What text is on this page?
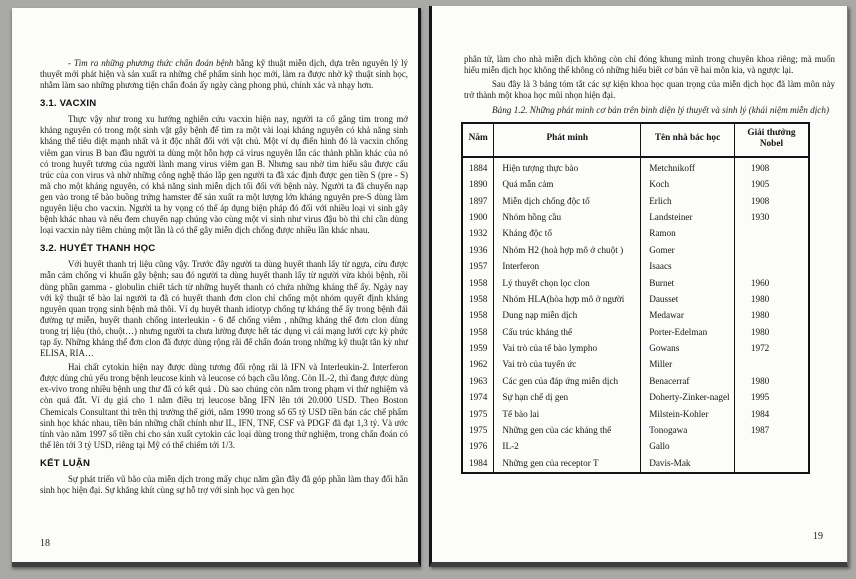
- Tìm ra những phương thức chẩn đoán bệnh bằng kỹ thuật miễn dịch, dựa trên nguyên lý lý thuyết mới phát hiện và sản xuất ra những chế phẩm sinh học mới, làm ra được nhờ kỹ thuật sinh học, nhằm làm sao những phương tiện chẩn đoán ấy ngày càng phong phú, chính xác và nhạy hơn.

3.1. VACXIN

Thực vậy như trong xu hướng nghiên cứu vacxin hiện nay, người ta cố gắng tìm trong mớ kháng nguyên có trong một sinh vật gây bệnh để tìm ra một vài loại kháng nguyên có khả năng sinh kháng thể tiêu diệt mạnh nhất và ít độc nhất đối với vật chủ. Một ví dụ điển hình đó là vacxin chống viêm gan virus B ban đầu người ta dùng một hỗn hợp cả virus nguyên lẫn các thành phần khác của nó có trong huyết tương của người lành mang virus viêm gan B. Nhưng sau nhờ tìm hiểu sâu được cấu trúc của con virus và nhờ những công nghệ tháo lắp gen người ta đã xác định được gen tiền S (pre - S) mã cho một kháng nguyên, có khả năng sinh miễn dịch tối đối với bệnh này. Người ta đã chuyển nạp gen vào trong tế bào buồng trứng hamster để sản xuất ra một lượng lớn kháng nguyên pre-S dùng làm nguyên liệu cho vacxin. Người ta hy vọng có thể áp dụng biện pháp đó đối với nhiều loại vi sinh gây bệnh khác nhau và nếu đem chuyển nạp chúng vào cùng một vi sinh như virus đậu bò thì chỉ cần dùng loại vacxin này tiêm chủng một lần là có thể gây miễn dịch chống được nhiều lần khác nhau.

3.2. HUYẾT THANH HỌC

Với huyết thanh trị liệu cũng vậy. Trước đây người ta dùng huyết thanh lấy từ ngựa, cừu được mẫn cảm chống vi khuẩn gây bệnh; sau đó người ta dùng huyết thanh lấy từ người vừa khỏi bệnh, rồi dùng phần gamma - globulin chiết tách từ những huyết thanh có chứa những kháng thể ấy. Ngày nay với kỹ thuật tế bào lai người ta đã có huyết thanh đơn clon chỉ chống một nhóm quyết định kháng nguyên quan trọng sinh bệnh mà thôi. Ví dụ huyết thanh idiotyp chống tự kháng thể ấy trong bệnh đái đường tự miễn, huyết thanh chống interleukin - 6 để chống viêm , những kháng thể đơn clon dùng trong trị liệu (thỏ, chuột…) nhưng người ta chưa lường được hết tác dụng vì cái mạng lưới cực kỳ phức tạp ấy. Những kháng thể đơn clon đã được dùng rộng rãi để chẩn đoán trong những kỹ thuật tân kỳ như ELISA, RIA…

Hai chất cytokin hiện nay được dùng tương đối rộng rãi là IFN và Interleukin-2. Interferon được dùng chủ yếu trong bệnh leucose kinh và leucose có bạch cầu lông. Còn IL-2, thì đang được dùng ex-vivo trong nhiều bệnh ung thư đã có kết quả . Dù sao chúng còn nằm trong phạm vi thử nghiệm và còn quá đắt. Ví dụ giá cho 1 năm điều trị leucose bằng IFN lên tới 20.000 USD. Theo Boston Chemicals Consultant thì trên thị trường thế giới, năm 1990 trong số 65 tỷ USD tiền bán các chế phẩm sinh học khác nhau, tiền bán những chất chính như IL, IFN, TNF, CSF và PDGF đã đạt 1,3 tỷ. Và ước tính vào năm 1997 số tiền chi cho sản xuất cytokin các loại dùng trong thử nghiệm, trong chẩn đoán có thể lên tới 3 tỷ USD, riêng tại Mỹ có thể chiếm tới 1/3.

KẾT LUẬN

Sự phát triển vũ bão của miễn dịch trong mấy chục năm gần đây đã góp phần làm thay đổi hẳn sinh học hiện đại. Sự khăng khít cùng sự hỗ trợ với sinh học và gen học

18

phân tử, làm cho nhà miễn dịch không còn chỉ đóng khung mình trong chuyên khoa riêng; mà muốn hiểu miễn dịch học không thể không có những hiểu biết cơ bản về hai môn kia, và ngược lại.

Sau đây là 3 bảng tóm tắt các sự kiện khoa học quan trọng của miễn dịch học đã làm môn này trở thành một khoa học mũi nhọn hiện đại.

Bảng 1.2. Những phát minh cơ bản trên bình diện lý thuyết và sinh lý (khái niệm miễn dịch)

Năm	Phát minh	Tên nhà bác học	Giải thưởng Nobel
1884	Hiện tượng thực bào	Metchnikoff	1908
1890	Quá mẫn cảm	Koch	1905
1897	Miễn dịch chống độc tố	Erlich	1908
1900	Nhóm hồng cầu	Landsteiner	1930
1932	Kháng độc tố	Ramon	
1936	Nhóm H2 (hoà hợp mô ở chuột )	Gomer	
1957	Interferon	Isaacs	
1958	Lý thuyết chọn lọc clon	Burnet	1960
1958	Nhóm HLA(hòa hợp mô ở người	Dausset	1980
1958	Dung nạp miễn dịch	Medawar	1980
1958	Cấu trúc kháng thể	Porter-Edelman	1980
1959	Vai trò của tế bào lympho	Gowans	1972
1962	Vai trò của tuyến ức	Miller	
1963	Các gen của đáp ứng miễn dịch	Benacerraf	1980
1974	Sự hạn chế dị gen	Doherty-Zinker-nagel	1995
1975	Tế bào lai	Milstein-Kohler	1984
1975	Những gen của các kháng thể	Tonogawa	1987
1976	IL-2	Gallo	
1984	Những gen của receptor T	Davis-Mak	
19
